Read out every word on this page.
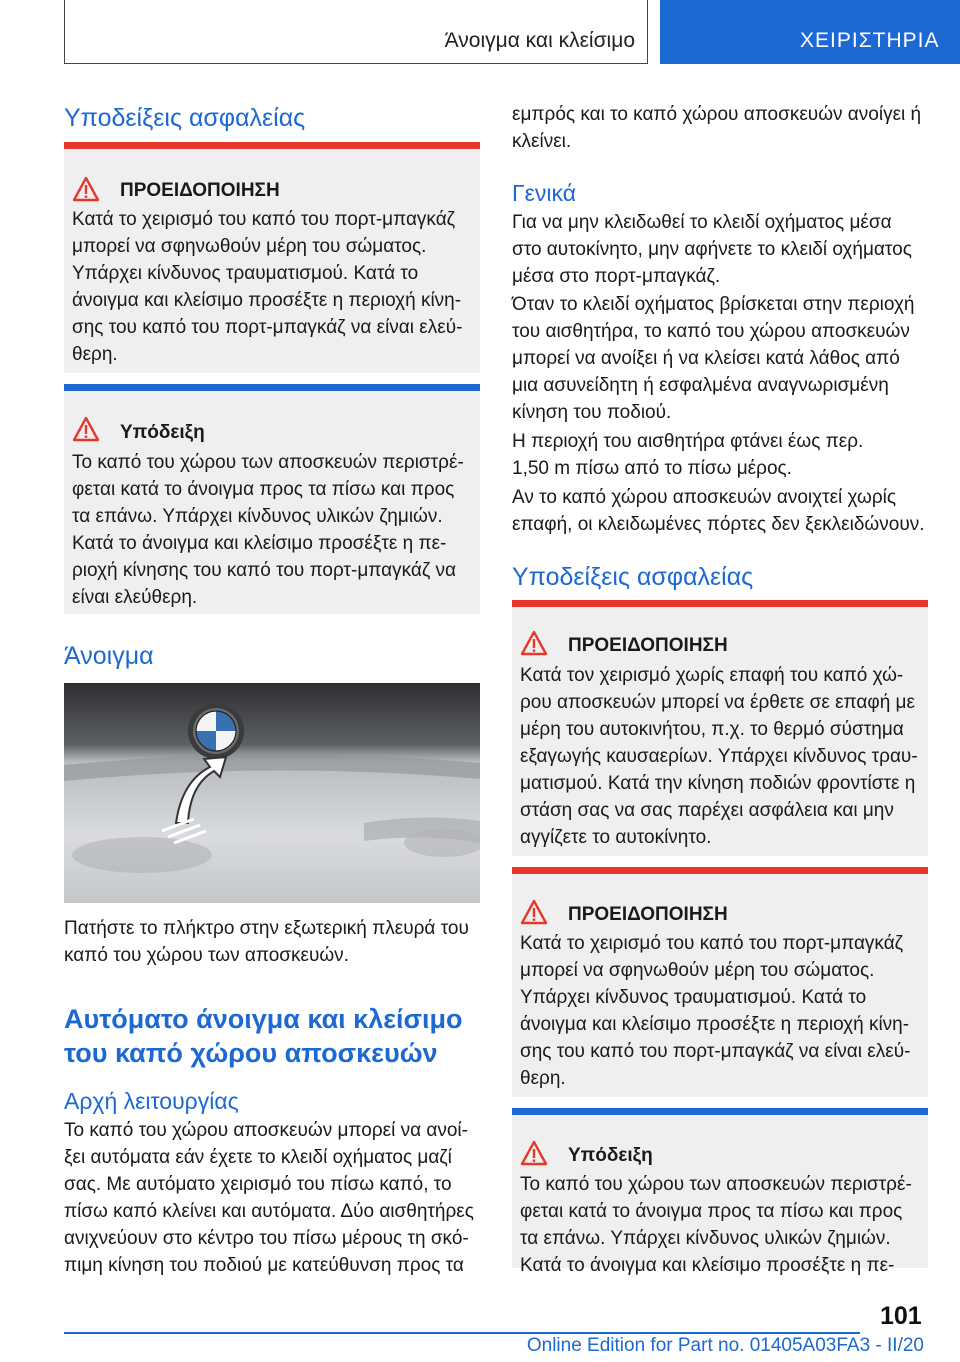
Άνοιγμα και κλείσιμο	ΧΕΙΡΙΣΤΗΡΙΑ
Υποδείξεις ασφαλείας
ΠΡΟΕΙΔΟΠΟΙΗΣΗ

Κατά το χειρισμό του καπό του πορτ-μπαγκάζ
μπορεί να σφηνωθούν μέρη του σώματος.
Υπάρχει κίνδυνος τραυματισμού. Κατά το
άνοιγμα και κλείσιμο προσέξτε η περιοχή κίνη-
σης του καπό του πορτ-μπαγκάζ να είναι ελεύ-
θερη.

Υπόδειξη

Το καπό του χώρου των αποσκευών περιστρέ-
φεται κατά το άνοιγμα προς τα πίσω και προς
τα επάνω. Υπάρχει κίνδυνος υλικών ζημιών.
Κατά το άνοιγμα και κλείσιμο προσέξτε η πε-
ριοχή κίνησης του καπό του πορτ-μπαγκάζ να
είναι ελεύθερη.

Άνοιγμα

Πατήστε το πλήκτρο στην εξωτερική πλευρά του
καπό του χώρου των αποσκευών.

Αυτόματο άνοιγμα και κλείσιμο
του καπό χώρου αποσκευών
Αρχή λειτουργίας

Το καπό του χώρου αποσκευών μπορεί να ανοί-
ξει αυτόματα εάν έχετε το κλειδί οχήματος μαζί
σας. Με αυτόματο χειρισμό του πίσω καπό, το
πίσω καπό κλείνει και αυτόματα. Δύο αισθητήρες
ανιχνεύουν στο κέντρο του πίσω μέρους τη σκό-
πιμη κίνηση του ποδιού με κατεύθυνση προς τα

εμπρός και το καπό χώρου αποσκευών ανοίγει ή
κλείνει.

Γενικά

Για να μην κλειδωθεί το κλειδί οχήματος μέσα
στο αυτοκίνητο, μην αφήνετε το κλειδί οχήματος
μέσα στο πορτ-μπαγκάζ.

Όταν το κλειδί οχήματος βρίσκεται στην περιοχή
του αισθητήρα, το καπό του χώρου αποσκευών
μπορεί να ανοίξει ή να κλείσει κατά λάθος από
μια ασυνείδητη ή εσφαλμένα αναγνωρισμένη
κίνηση του ποδιού.

Η περιοχή του αισθητήρα φτάνει έως περ.
1,50 m πίσω από το πίσω μέρος.

Αν το καπό χώρου αποσκευών ανοιχτεί χωρίς
επαφή, οι κλειδωμένες πόρτες δεν ξεκλειδώνουν.

Υποδείξεις ασφαλείας
ΠΡΟΕΙΔΟΠΟΙΗΣΗ

Κατά τον χειρισμό χωρίς επαφή του καπό χώ-
ρου αποσκευών μπορεί να έρθετε σε επαφή με
μέρη του αυτοκινήτου, π.χ. το θερμό σύστημα
εξαγωγής καυσαερίων. Υπάρχει κίνδυνος τραυ-
ματισμού. Κατά την κίνηση ποδιών φροντίστε η
στάση σας να σας παρέχει ασφάλεια και μην
αγγίζετε το αυτοκίνητο.

ΠΡΟΕΙΔΟΠΟΙΗΣΗ

Κατά το χειρισμό του καπό του πορτ-μπαγκάζ
μπορεί να σφηνωθούν μέρη του σώματος.
Υπάρχει κίνδυνος τραυματισμού. Κατά το
άνοιγμα και κλείσιμο προσέξτε η περιοχή κίνη-
σης του καπό του πορτ-μπαγκάζ να είναι ελεύ-
θερη.

Υπόδειξη

Το καπό του χώρου των αποσκευών περιστρέ-
φεται κατά το άνοιγμα προς τα πίσω και προς
τα επάνω. Υπάρχει κίνδυνος υλικών ζημιών.
Κατά το άνοιγμα και κλείσιμο προσέξτε η πε-

101
Online Edition for Part no. 01405A03FA3 - II/20
